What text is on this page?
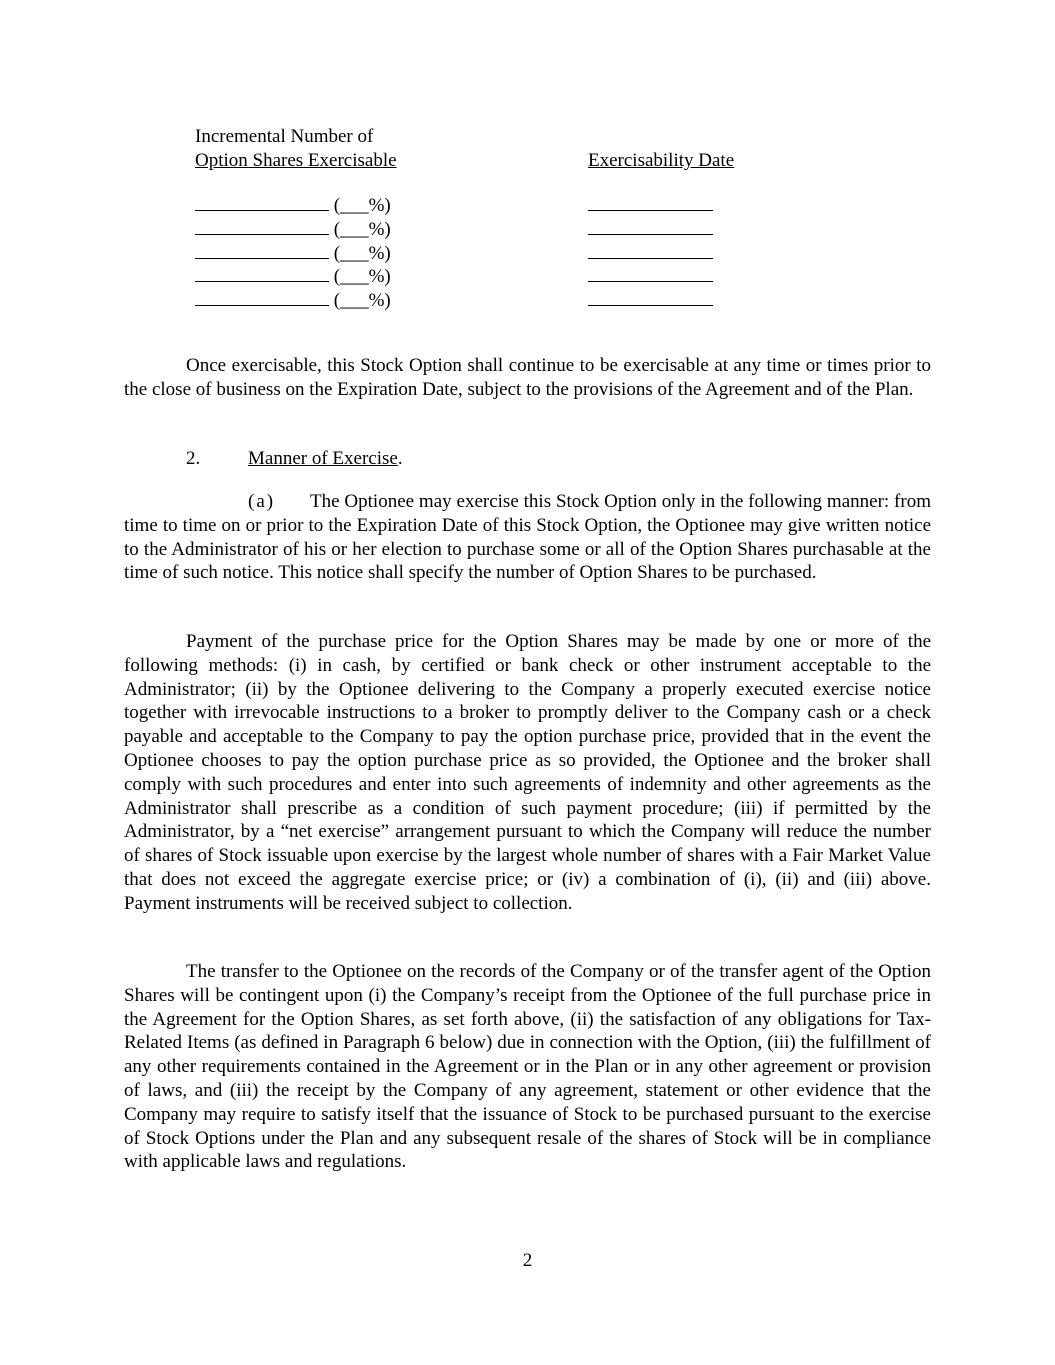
Incremental Number of
Option Shares Exercisable	Exercisability Date
(___%)
(___%)
(___%)
(___%)
(___%)

Once exercisable, this Stock Option shall continue to be exercisable at any time or times prior to the close of business on the Expiration Date, subject to the provisions of the Agreement and of the Plan.

2.	Manner of Exercise.

(a) The Optionee may exercise this Stock Option only in the following manner: from time to time on or prior to the Expiration Date of this Stock Option, the Optionee may give written notice to the Administrator of his or her election to purchase some or all of the Option Shares purchasable at the time of such notice. This notice shall specify the number of Option Shares to be purchased.

Payment of the purchase price for the Option Shares may be made by one or more of the following methods: (i) in cash, by certified or bank check or other instrument acceptable to the Administrator; (ii) by the Optionee delivering to the Company a properly executed exercise notice together with irrevocable instructions to a broker to promptly deliver to the Company cash or a check payable and acceptable to the Company to pay the option purchase price, provided that in the event the Optionee chooses to pay the option purchase price as so provided, the Optionee and the broker shall comply with such procedures and enter into such agreements of indemnity and other agreements as the Administrator shall prescribe as a condition of such payment procedure; (iii) if permitted by the Administrator, by a “net exercise” arrangement pursuant to which the Company will reduce the number of shares of Stock issuable upon exercise by the largest whole number of shares with a Fair Market Value that does not exceed the aggregate exercise price; or (iv) a combination of (i), (ii) and (iii) above. Payment instruments will be received subject to collection.

The transfer to the Optionee on the records of the Company or of the transfer agent of the Option Shares will be contingent upon (i) the Company’s receipt from the Optionee of the full purchase price in the Agreement for the Option Shares, as set forth above, (ii) the satisfaction of any obligations for Tax-Related Items (as defined in Paragraph 6 below) due in connection with the Option, (iii) the fulfillment of any other requirements contained in the Agreement or in the Plan or in any other agreement or provision of laws, and (iii) the receipt by the Company of any agreement, statement or other evidence that the Company may require to satisfy itself that the issuance of Stock to be purchased pursuant to the exercise of Stock Options under the Plan and any subsequent resale of the shares of Stock will be in compliance with applicable laws and regulations.

2
